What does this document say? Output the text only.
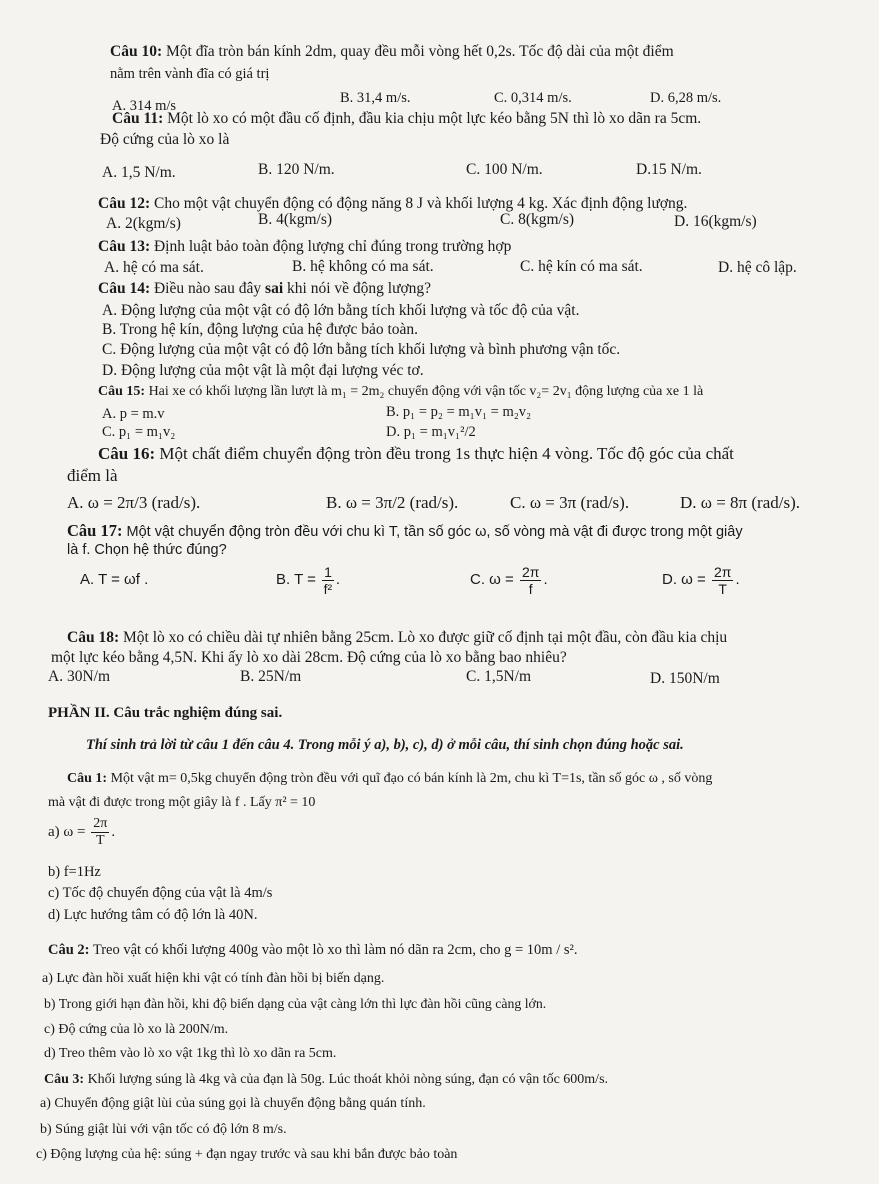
Câu 10: Một đĩa tròn bán kính 2dm, quay đều mỗi vòng hết 0,2s. Tốc độ dài của một điểm
nằm trên vành đĩa có giá trị
A. 314 m/s	B. 31,4 m/s.	C. 0,314 m/s.	D. 6,28 m/s.
Câu 11: Một lò xo có một đầu cố định, đầu kia chịu một lực kéo bằng 5N thì lò xo dãn ra 5cm.
Độ cứng của lò xo là
A. 1,5 N/m.	B. 120 N/m.	C. 100 N/m.	D.15 N/m.
Câu 12: Cho một vật chuyển động có động năng 8 J và khối lượng 4 kg. Xác định động lượng.
A. 2(kgm/s)	B. 4(kgm/s)	C. 8(kgm/s)	D. 16(kgm/s)
Câu 13: Định luật bảo toàn động lượng chỉ đúng trong trường hợp
A. hệ có ma sát.	B. hệ không có ma sát.	C. hệ kín có ma sát.	D. hệ cô lập.
Câu 14: Điều nào sau đây sai khi nói về động lượng?
A. Động lượng của một vật có độ lớn bằng tích khối lượng và tốc độ của vật.
B. Trong hệ kín, động lượng của hệ được bảo toàn.
C. Động lượng của một vật có độ lớn bằng tích khối lượng và bình phương vận tốc.
D. Động lượng của một vật là một đại lượng véc tơ.
Câu 15: Hai xe có khối lượng lần lượt là m₁ = 2m₂ chuyển động với vận tốc v₂= 2v₁ động lượng của xe 1 là
A. p = m.v	B. p₁ = p₂ = m₁v₁ = m₂v₂
C. p₁ = m₁v₂	D. p₁ = m₁v₁²/2
Câu 16: Một chất điểm chuyển động tròn đều trong 1s thực hiện 4 vòng. Tốc độ góc của chất
điểm là
A. ω = 2π/3 (rad/s).	B. ω = 3π/2 (rad/s).	C. ω = 3π (rad/s).	D. ω = 8π (rad/s).
Câu 17: Một vật chuyển động tròn đều với chu kì T, tần số góc ω, số vòng mà vật đi được trong một giây
là f. Chọn hệ thức đúng?
A. T = ωf .	B. $T = \frac{1}{\text{f²}}$ .	C. $\omega = \frac{2\pi}{f}$ .	D. $\omega = \frac{2\pi}{T}$ .
Câu 18: Một lò xo có chiều dài tự nhiên bằng 25cm. Lò xo được giữ cố định tại một đầu, còn đầu kia chịu
một lực kéo bằng 4,5N. Khi ấy lò xo dài 28cm. Độ cứng của lò xo bằng bao nhiêu?
A. 30N/m	B. 25N/m	C. 1,5N/m	D. 150N/m
PHẦN II. Câu trắc nghiệm đúng sai.
Thí sinh trả lời từ câu 1 đến câu 4. Trong mỗi ý a), b), c), d) ở mỗi câu, thí sinh chọn đúng hoặc sai.
Câu 1: Một vật m= 0,5kg chuyển động tròn đều với quĩ đạo có bán kính là 2m, chu kì T=1s, tần số góc ω , số vòng
mà vật đi được trong một giây là f . Lấy π² = 10
a) $\omega = \frac{2\pi}{T}$ .
b) f=1Hz
c) Tốc độ chuyển động của vật là 4m/s
d) Lực hướng tâm có độ lớn là 40N.
Câu 2: Treo vật có khối lượng 400g vào một lò xo thì làm nó dãn ra 2cm, cho g = 10m / s².
a) Lực đàn hồi xuất hiện khi vật có tính đàn hồi bị biến dạng.
b) Trong giới hạn đàn hồi, khi độ biến dạng của vật càng lớn thì lực đàn hồi cũng càng lớn.
c) Độ cứng của lò xo là 200N/m.
d) Treo thêm vào lò xo vật 1kg thì lò xo dãn ra 5cm.
Câu 3: Khối lượng súng là 4kg và của đạn là 50g. Lúc thoát khỏi nòng súng, đạn có vận tốc 600m/s.
a) Chuyển động giật lùi của súng gọi là chuyển động bằng quán tính.
b) Súng giật lùi với vận tốc có độ lớn 8 m/s.
c) Động lượng của hệ: súng + đạn ngay trước và sau khi bắn được bảo toàn
